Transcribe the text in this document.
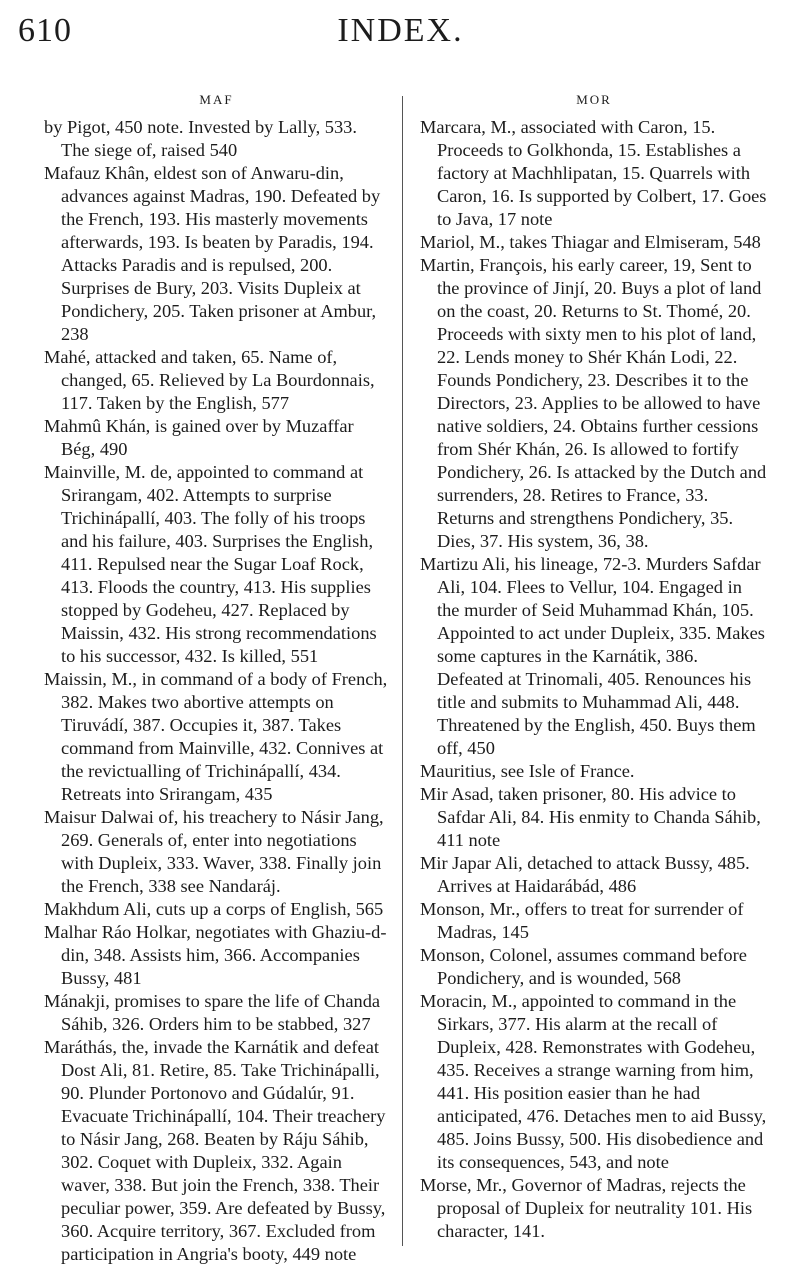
610	INDEX.
MAF
by Pigot, 450 note. Invested by Lally, 533. The siege of, raised 540
Mafauz Khân, eldest son of Anwaru-din, advances against Madras, 190. Defeated by the French, 193. His masterly movements afterwards, 193. Is beaten by Paradis, 194. Attacks Paradis and is repulsed, 200. Surprises de Bury, 203. Visits Dupleix at Pondichery, 205. Taken prisoner at Ambur, 238
Mahé, attacked and taken, 65. Name of, changed, 65. Relieved by La Bourdonnais, 117. Taken by the English, 577
Mahmû Khán, is gained over by Muzaffar Bég, 490
Mainville, M. de, appointed to command at Srirangam, 402. Attempts to surprise Trichinápallí, 403. The folly of his troops and his failure, 403. Surprises the English, 411. Repulsed near the Sugar Loaf Rock, 413. Floods the country, 413. His supplies stopped by Godeheu, 427. Replaced by Maissin, 432. His strong recommendations to his successor, 432. Is killed, 551
Maissin, M., in command of a body of French, 382. Makes two abortive attempts on Tiruvádí, 387. Occupies it, 387. Takes command from Mainville, 432. Connives at the revictualling of Trichinápallí, 434. Retreats into Srirangam, 435
Maisur Dalwai of, his treachery to Násir Jang, 269. Generals of, enter into negotiations with Dupleix, 333. Waver, 338. Finally join the French, 338 see Nandaráj.
Makhdum Ali, cuts up a corps of English, 565
Malhar Ráo Holkar, negotiates with Ghaziu-d-din, 348. Assists him, 366. Accompanies Bussy, 481
Mánakji, promises to spare the life of Chanda Sáhib, 326. Orders him to be stabbed, 327
Maráthás, the, invade the Karnátik and defeat Dost Ali, 81. Retire, 85. Take Trichinápalli, 90. Plunder Portonovo and Gúdalúr, 91. Evacuate Trichinápallí, 104. Their treachery to Násir Jang, 268. Beaten by Ráju Sáhib, 302. Coquet with Dupleix, 332. Again waver, 338. But join the French, 338. Their peculiar power, 359. Are defeated by Bussy, 360. Acquire territory, 367. Excluded from participation in Angria's booty, 449 note
MOR
Marcara, M., associated with Caron, 15. Proceeds to Golkhonda, 15. Establishes a factory at Machhlipatan, 15. Quarrels with Caron, 16. Is supported by Colbert, 17. Goes to Java, 17 note
Mariol, M., takes Thiagar and Elmiseram, 548
Martin, François, his early career, 19, Sent to the province of Jinjí, 20. Buys a plot of land on the coast, 20. Returns to St. Thomé, 20. Proceeds with sixty men to his plot of land, 22. Lends money to Shér Khán Lodi, 22. Founds Pondichery, 23. Describes it to the Directors, 23. Applies to be allowed to have native soldiers, 24. Obtains further cessions from Shér Khán, 26. Is allowed to fortify Pondichery, 26. Is attacked by the Dutch and surrenders, 28. Retires to France, 33. Returns and strengthens Pondichery, 35. Dies, 37. His system, 36, 38.
Martizu Ali, his lineage, 72-3. Murders Safdar Ali, 104. Flees to Vellur, 104. Engaged in the murder of Seid Muhammad Khán, 105. Appointed to act under Dupleix, 335. Makes some captures in the Karnátik, 386. Defeated at Trinomali, 405. Renounces his title and submits to Muhammad Ali, 448. Threatened by the English, 450. Buys them off, 450
Mauritius, see Isle of France.
Mir Asad, taken prisoner, 80. His advice to Safdar Ali, 84. His enmity to Chanda Sáhib, 411 note
Mir Japar Ali, detached to attack Bussy, 485. Arrives at Haidarábád, 486
Monson, Mr., offers to treat for surrender of Madras, 145
Monson, Colonel, assumes command before Pondichery, and is wounded, 568
Moracin, M., appointed to command in the Sirkars, 377. His alarm at the recall of Dupleix, 428. Remonstrates with Godeheu, 435. Receives a strange warning from him, 441. His position easier than he had anticipated, 476. Detaches men to aid Bussy, 485. Joins Bussy, 500. His disobedience and its consequences, 543, and note
Morse, Mr., Governor of Madras, rejects the proposal of Dupleix for neutrality 101. His character, 141.
